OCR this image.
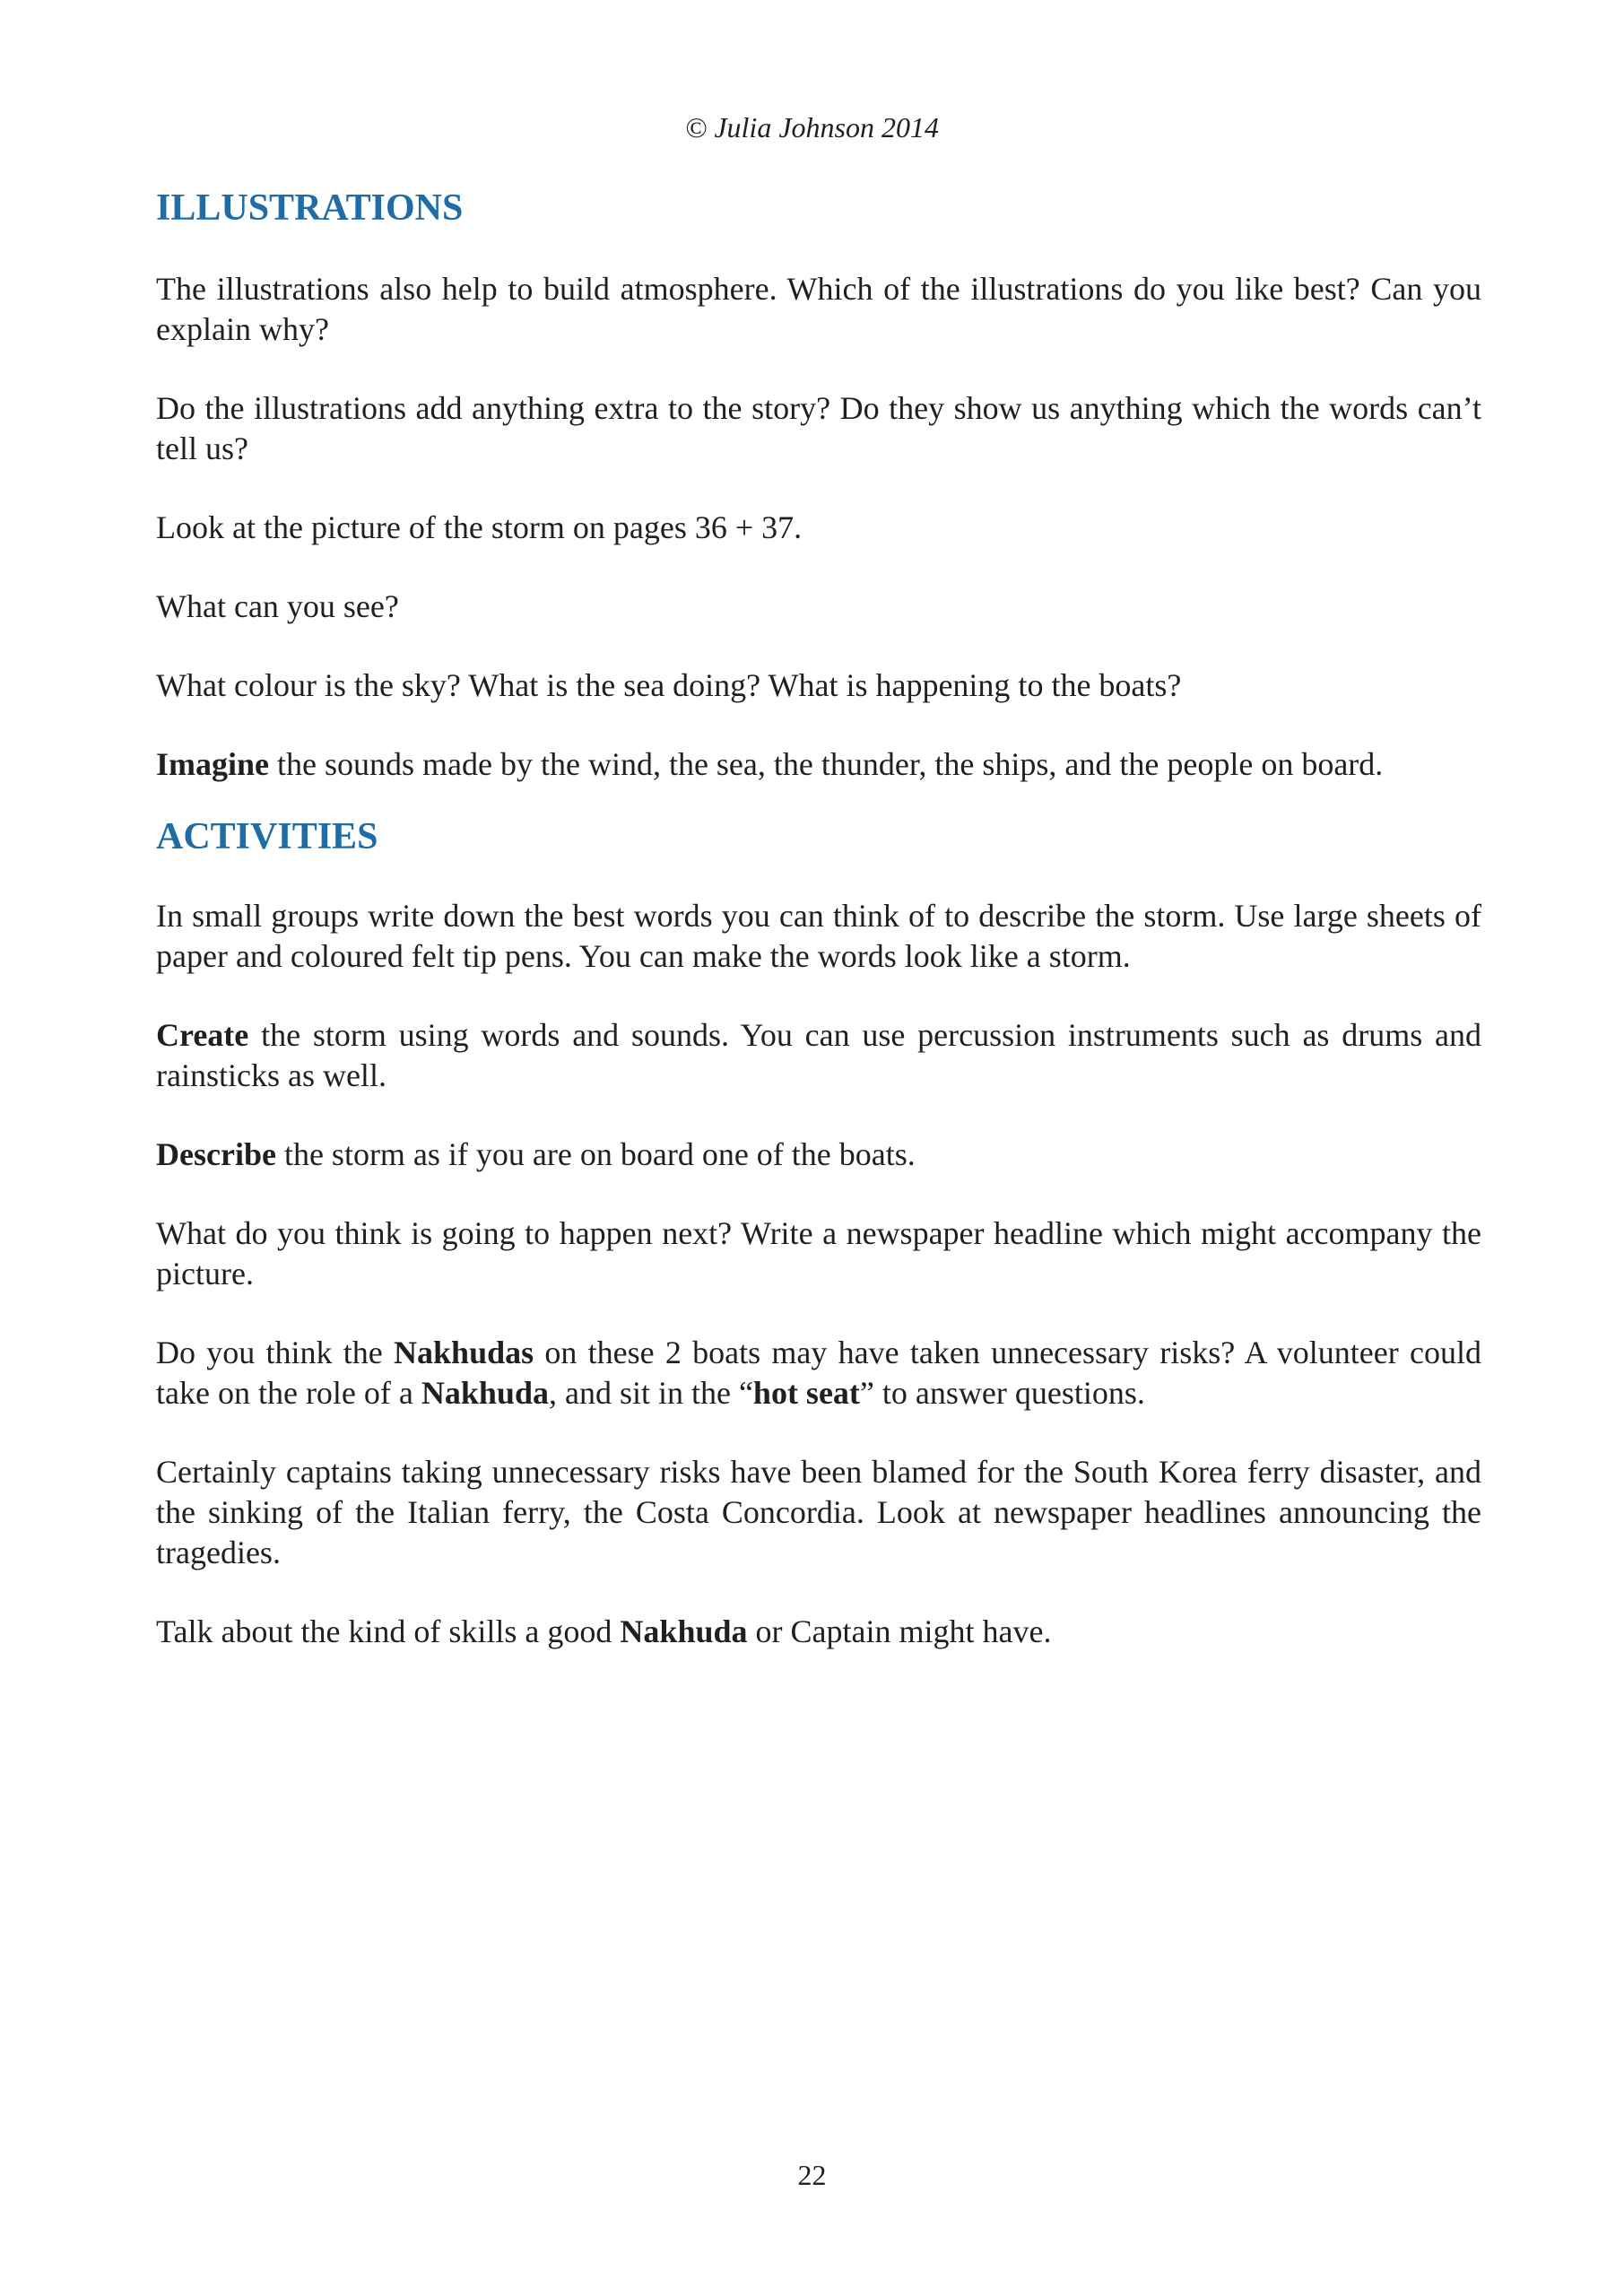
© Julia Johnson 2014
ILLUSTRATIONS

The illustrations also help to build atmosphere. Which of the illustrations do you like best? Can you explain why?

Do the illustrations add anything extra to the story? Do they show us anything which the words can’t tell us?

Look at the picture of the storm on pages 36 + 37.

What can you see?

What colour is the sky? What is the sea doing? What is happening to the boats?

Imagine the sounds made by the wind, the sea, the thunder, the ships, and the people on board.

ACTIVITIES

In small groups write down the best words you can think of to describe the storm. Use large sheets of paper and coloured felt tip pens. You can make the words look like a storm.

Create the storm using words and sounds. You can use percussion instruments such as drums and rainsticks as well.

Describe the storm as if you are on board one of the boats.

What do you think is going to happen next? Write a newspaper headline which might accompany the picture.

Do you think the Nakhudas on these 2 boats may have taken unnecessary risks? A volunteer could take on the role of a Nakhuda, and sit in the “hot seat” to answer questions.

Certainly captains taking unnecessary risks have been blamed for the South Korea ferry disaster, and the sinking of the Italian ferry, the Costa Concordia. Look at newspaper headlines announcing the tragedies.

Talk about the kind of skills a good Nakhuda or Captain might have.

22
